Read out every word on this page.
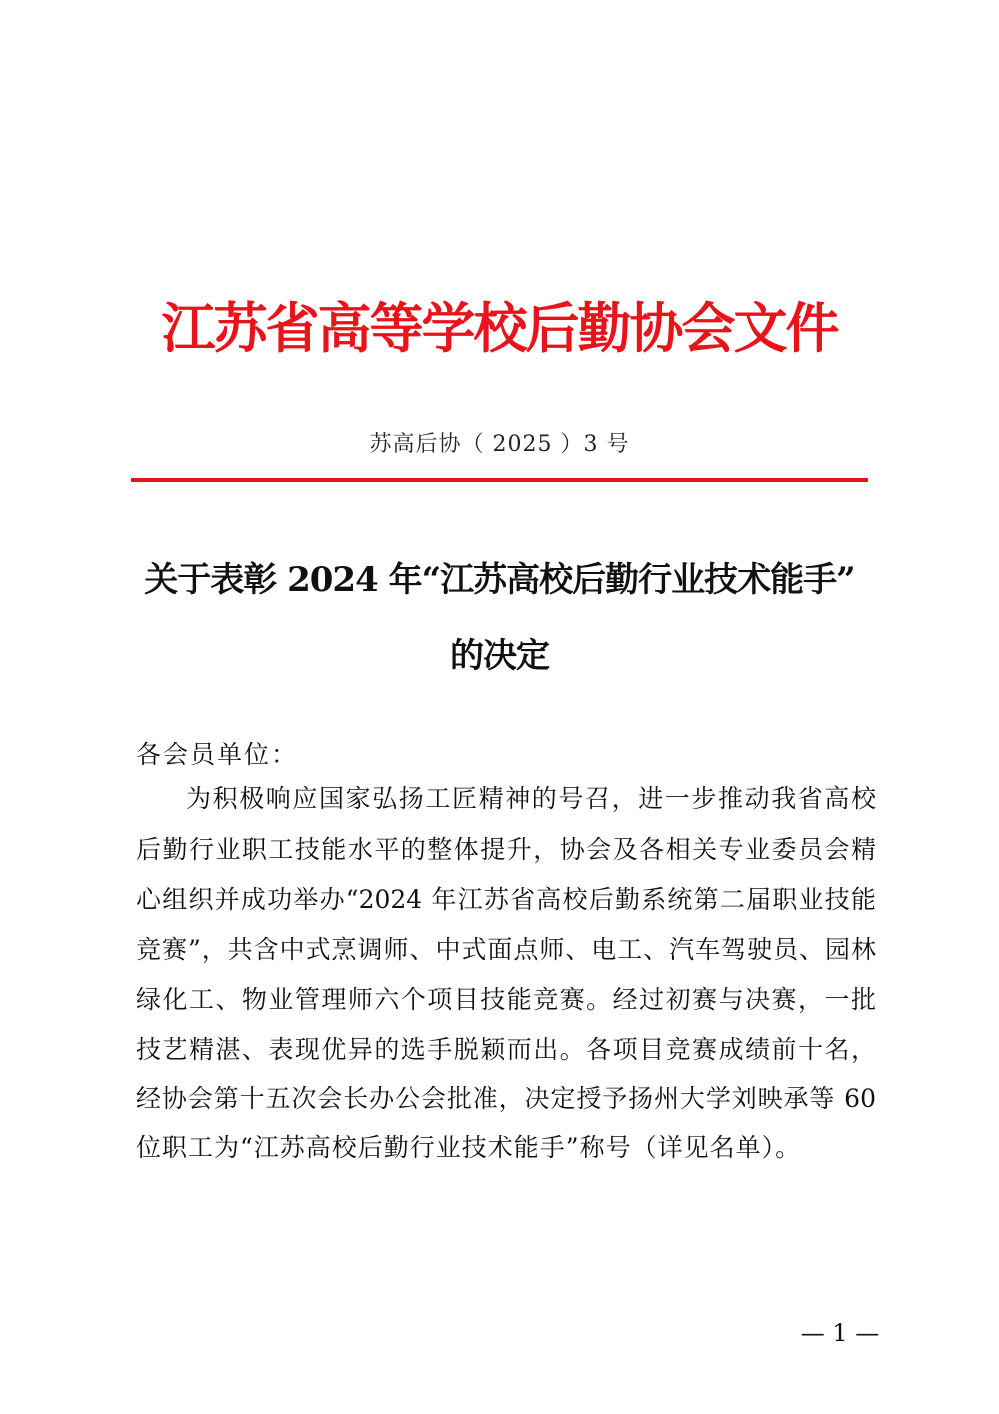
江苏省高等学校后勤协会文件
苏高后协（ 2025 ）3 号
关于表彰 2024 年“江苏高校后勤行业技术能手”
的决定
各会员单位：
为积极响应国家弘扬工匠精神的号召，进一步推动我省高校
后勤行业职工技能水平的整体提升，协会及各相关专业委员会精
心组织并成功举办“2024 年江苏省高校后勤系统第二届职业技能
竞赛”，共含中式烹调师、中式面点师、电工、汽车驾驶员、园林
绿化工、物业管理师六个项目技能竞赛。经过初赛与决赛，一批
技艺精湛、表现优异的选手脱颖而出。各项目竞赛成绩前十名，
经协会第十五次会长办公会批准，决定授予扬州大学刘映承等 60
位职工为“江苏高校后勤行业技术能手”称号（详见名单）。
— 1 —
